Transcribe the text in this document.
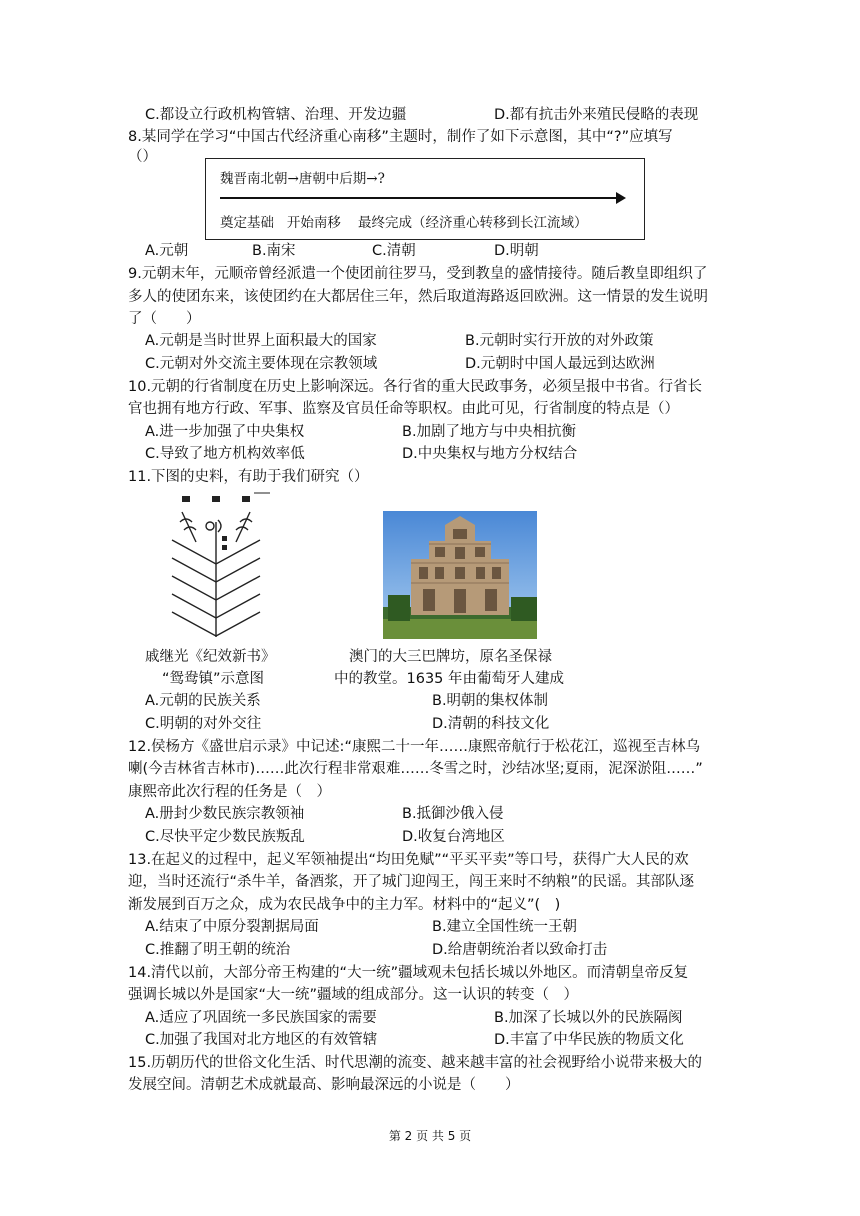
C.都设立行政机构管辖、治理、开发边疆	D.都有抗击外来殖民侵略的表现
8.某同学在学习“中国古代经济重心南移”主题时，制作了如下示意图，其中“?”应填写
（）
魏晋南北朝→唐朝中后期→?
奠定基础   开始南移    最终完成（经济重心转移到长江流域）
A.元朝	B.南宋	C.清朝	D.明朝
9.元朝末年，元顺帝曾经派遣一个使团前往罗马，受到教皇的盛情接待。随后教皇即组织了
多人的使团东来，该使团约在大都居住三年，然后取道海路返回欧洲。这一情景的发生说明
了（　　）
A.元朝是当时世界上面积最大的国家	B.元朝时实行开放的对外政策
C.元朝对外交流主要体现在宗教领域	D.元朝时中国人最远到达欧洲
10.元朝的行省制度在历史上影响深远。各行省的重大民政事务，必须呈报中书省。行省长
官也拥有地方行政、军事、监察及官员任命等职权。由此可见，行省制度的特点是（）
A.进一步加强了中央集权	B.加剧了地方与中央相抗衡
C.导致了地方机构效率低	D.中央集权与地方分权结合
11.下图的史料，有助于我们研究（）
戚继光《纪效新书》
“鸳鸯镇”示意图
澳门的大三巴牌坊，原名圣保禄
中的教堂。1635 年由葡萄牙人建成
A.元朝的民族关系	B.明朝的集权体制
C.明朝的对外交往	D.清朝的科技文化
12.侯杨方《盛世启示录》中记述:“康熙二十一年……康熙帝航行于松花江，巡视至吉林乌
喇(今吉林省吉林市)……此次行程非常艰难……冬雪之时，沙结冰坚;夏雨，泥深淤阻……”
康熙帝此次行程的任务是（　）
A.册封少数民族宗教领袖	B.抵御沙俄入侵
C.尽快平定少数民族叛乱	D.收复台湾地区
13.在起义的过程中，起义军领袖提出“均田免赋”“平买平卖”等口号，获得广大人民的欢
迎，当时还流行“杀牛羊，备酒浆，开了城门迎闯王，闯王来时不纳粮”的民谣。其部队逐
渐发展到百万之众，成为农民战争中的主力军。材料中的“起义”(　)
A.结束了中原分裂割据局面	B.建立全国性统一王朝
C.推翻了明王朝的统治	D.给唐朝统治者以致命打击
14.清代以前，大部分帝王构建的“大一统”疆域观未包括长城以外地区。而清朝皇帝反复
强调长城以外是国家“大一统”疆域的组成部分。这一认识的转变（　）
A.适应了巩固统一多民族国家的需要	B.加深了长城以外的民族隔阂
C.加强了我国对北方地区的有效管辖	D.丰富了中华民族的物质文化
15.历朝历代的世俗文化生活、时代思潮的流变、越来越丰富的社会视野给小说带来极大的
发展空间。清朝艺术成就最高、影响最深远的小说是（　　）
第 2 页 共 5 页
